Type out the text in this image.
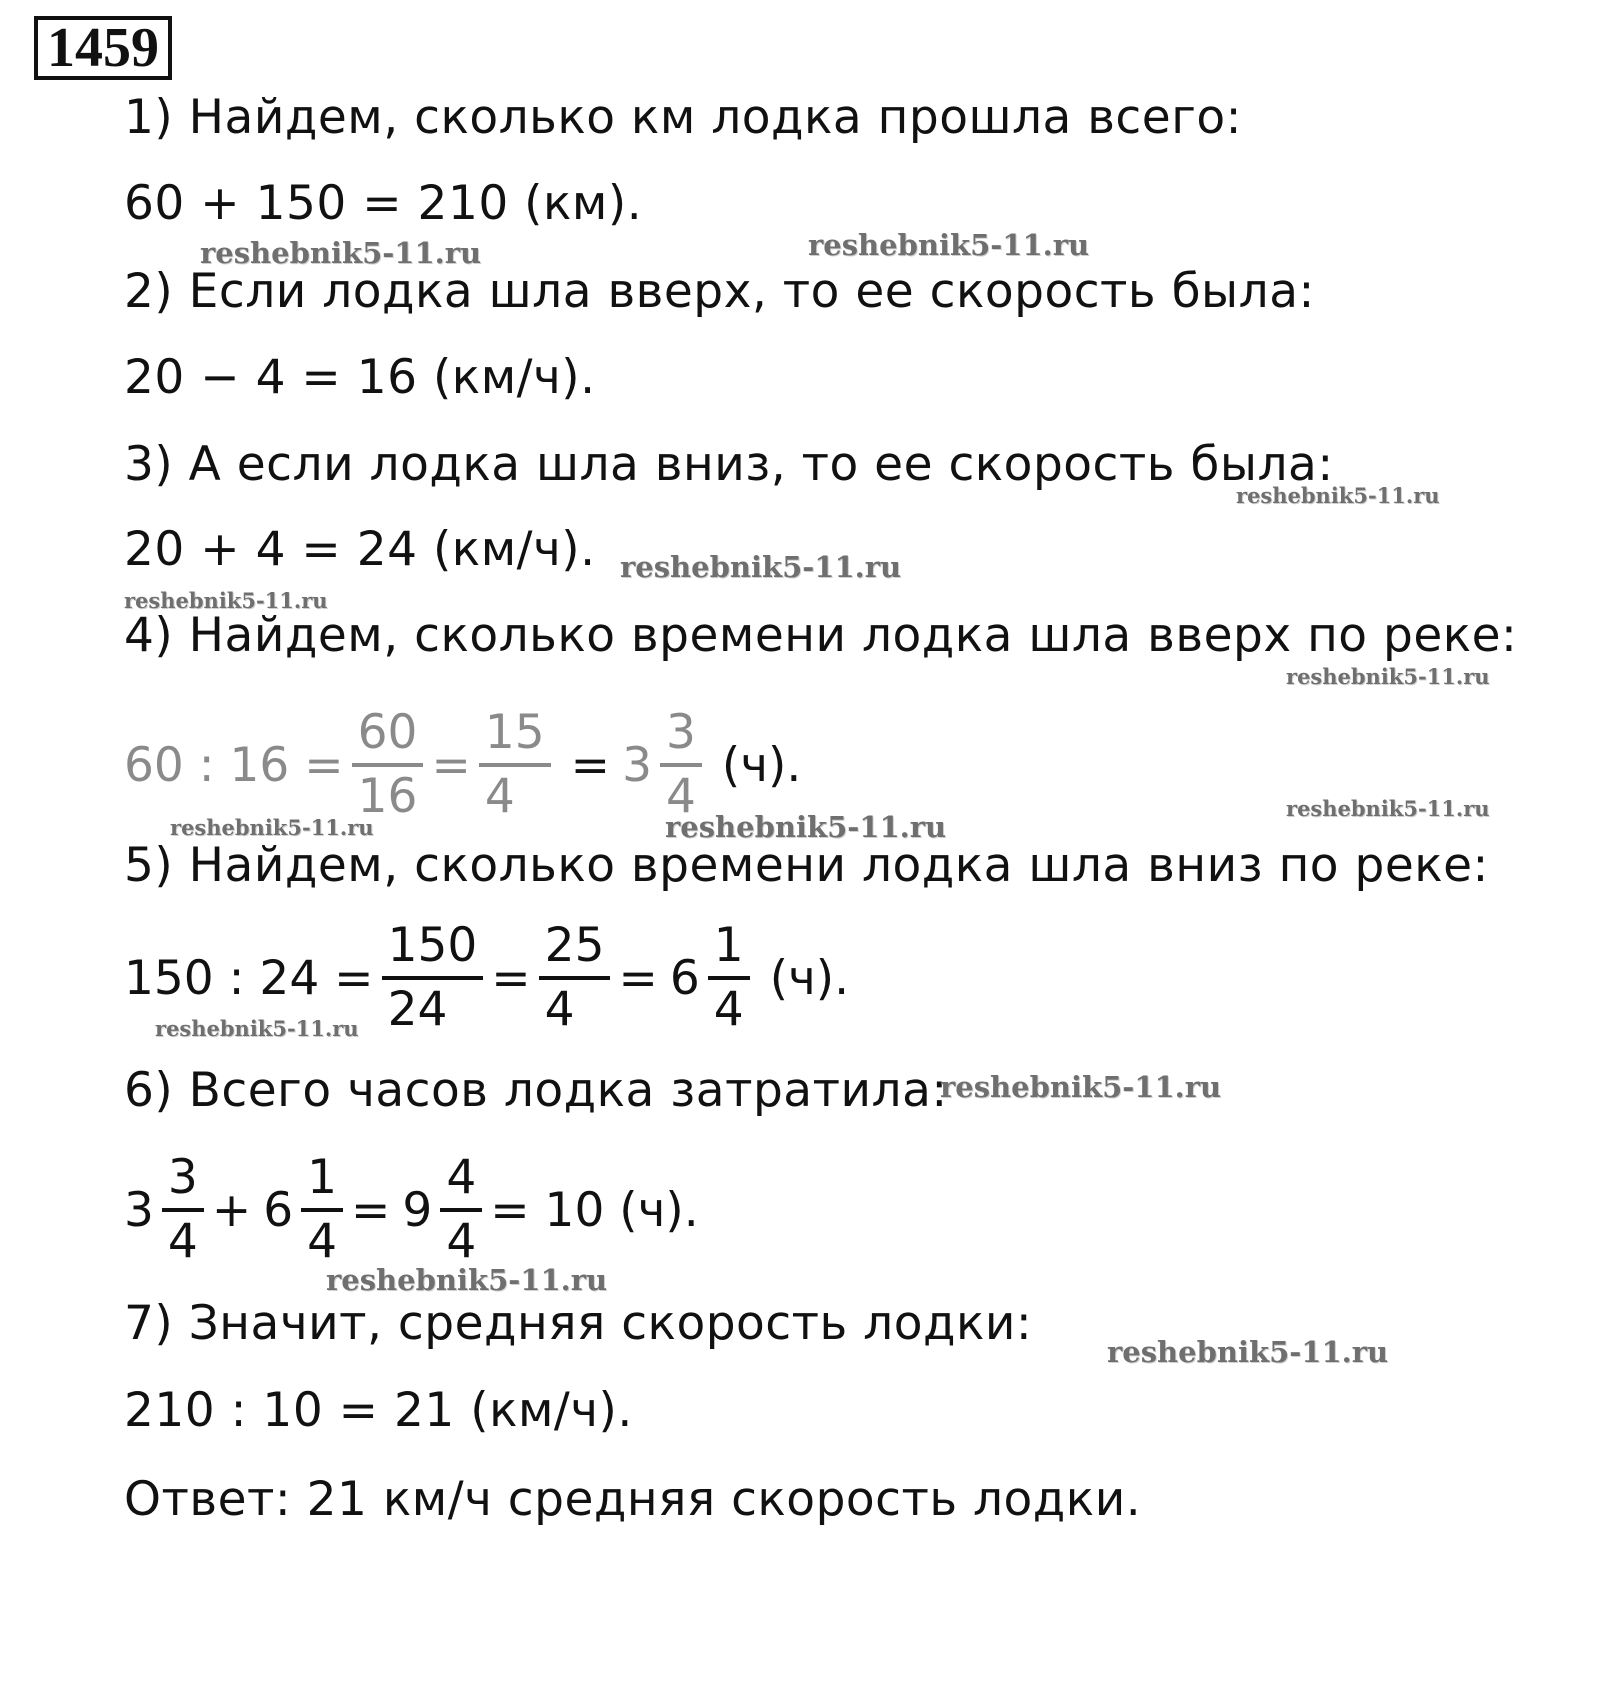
1459
1) Найдем, сколько км лодка прошла всего:
60 + 150 = 210 (км).
2) Если лодка шла вверх, то ее скорость была:
20 − 4 = 16 (км/ч).
3) А если лодка шла вниз, то ее скорость была:
20 + 4 = 24 (км/ч).
4) Найдем, сколько времени лодка шла вверх по реке:
60 : $16 = \frac{60}{16} = \frac{15}{4} = 3 \frac{3}{4} (ч)$.
5) Найдем, сколько времени лодка шла вниз по реке:
150 : $24 = \frac{150}{24} = \frac{25}{4} = 6 \frac{1}{4} (ч)$.
6) Всего часов лодка затратила:
$3 \frac{3}{4} + 6 \frac{1}{4} = 9 \frac{4}{4} = 10$ (ч).
7) Значит, средняя скорость лодки:
210 : 10 = 21 (км/ч).
Ответ: 21 км/ч средняя скорость лодки.
reshebnik5-11.ru	reshebnik5-11.ru
reshebnik5-11.ru
reshebnik5-11.ru
reshebnik5-11.ru
reshebnik5-11.ru
reshebnik5-11.ru
reshebnik5-11.ru	reshebnik5-11.ru
reshebnik5-11.ru
reshebnik5-11.ru
reshebnik5-11.ru
reshebnik5-11.ru
